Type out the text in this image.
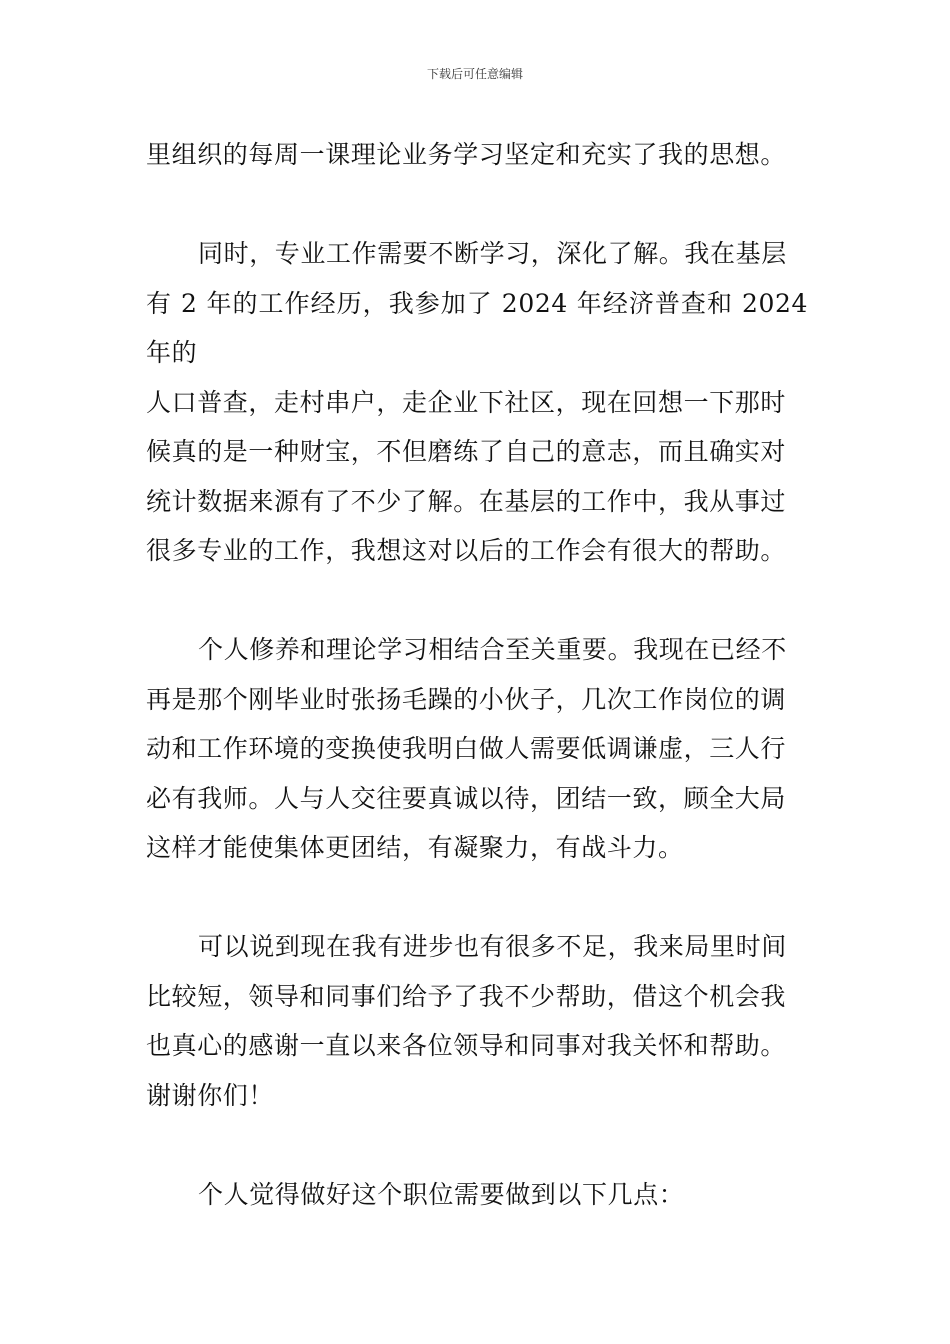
下载后可任意编辑

里组织的每周一课理论业务学习坚定和充实了我的思想。

同时，专业工作需要不断学习，深化了解。我在基层
有 2 年的工作经历，我参加了 2024 年经济普查和 2024 年的
人口普查，走村串户，走企业下社区，现在回想一下那时
候真的是一种财宝，不但磨练了自己的意志，而且确实对
统计数据来源有了不少了解。在基层的工作中，我从事过
很多专业的工作，我想这对以后的工作会有很大的帮助。

个人修养和理论学习相结合至关重要。我现在已经不
再是那个刚毕业时张扬毛躁的小伙子，几次工作岗位的调
动和工作环境的变换使我明白做人需要低调谦虚，三人行
必有我师。人与人交往要真诚以待，团结一致，顾全大局
这样才能使集体更团结，有凝聚力，有战斗力。

可以说到现在我有进步也有很多不足，我来局里时间
比较短，领导和同事们给予了我不少帮助，借这个机会我
也真心的感谢一直以来各位领导和同事对我关怀和帮助。
谢谢你们！

个人觉得做好这个职位需要做到以下几点：
